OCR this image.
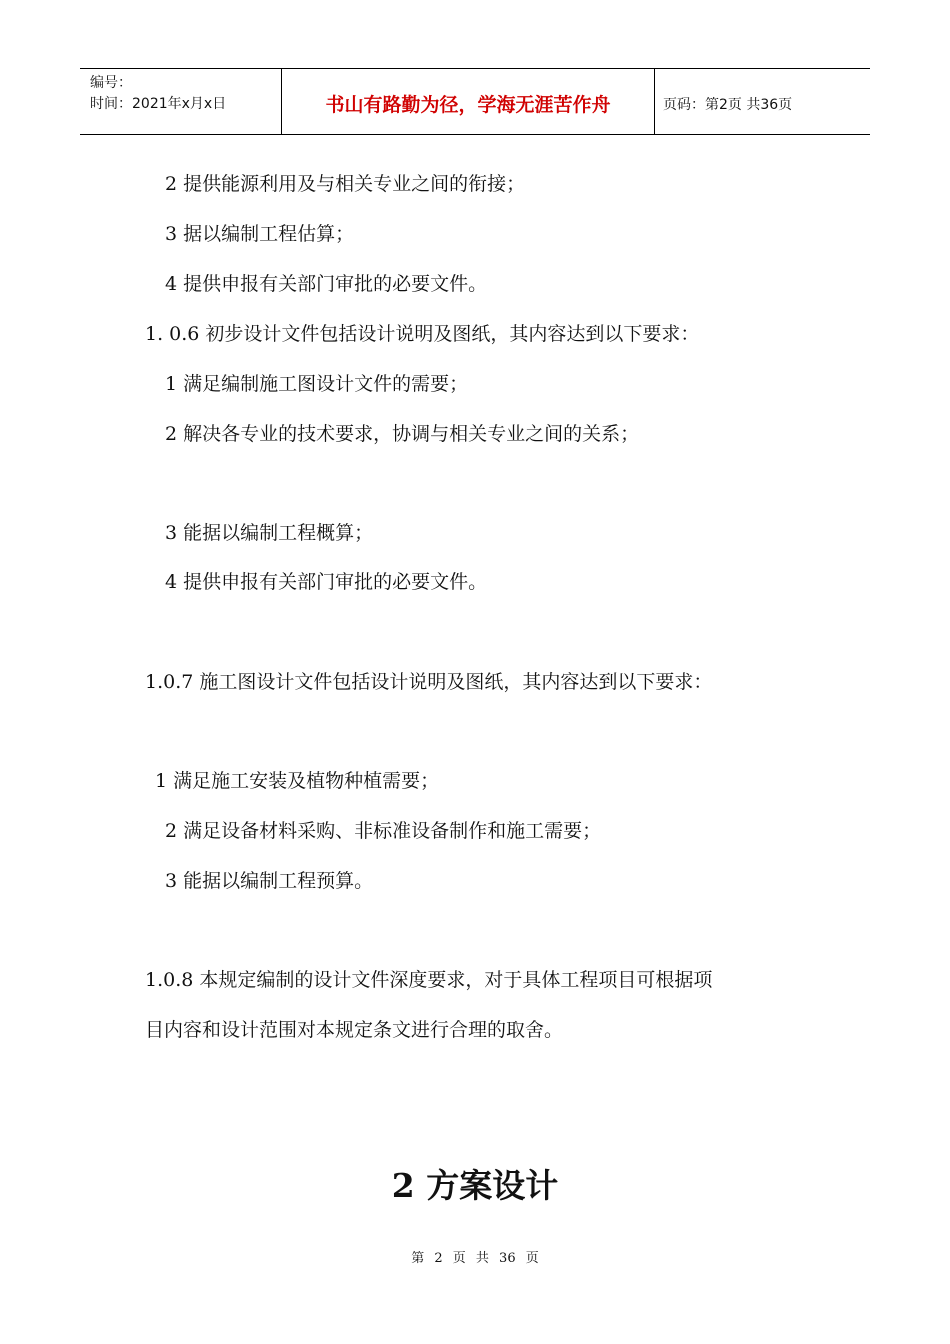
编号：
时间：2021年x月x日	书山有路勤为径，学海无涯苦作舟	页码：第2页 共36页
2 提供能源利用及与相关专业之间的衔接；
3 据以编制工程估算；
4 提供申报有关部门审批的必要文件。
1. 0.6 初步设计文件包括设计说明及图纸，其内容达到以下要求：
1 满足编制施工图设计文件的需要；
2 解决各专业的技术要求，协调与相关专业之间的关系；
3 能据以编制工程概算；
4 提供申报有关部门审批的必要文件。
1.0.7 施工图设计文件包括设计说明及图纸，其内容达到以下要求：
1 满足施工安装及植物种植需要；
2 满足设备材料采购、非标准设备制作和施工需要；
3 能据以编制工程预算。
1.0.8 本规定编制的设计文件深度要求，对于具体工程项目可根据项
目内容和设计范围对本规定条文进行合理的取舍。
2 方案设计
第 2 页 共 36 页
